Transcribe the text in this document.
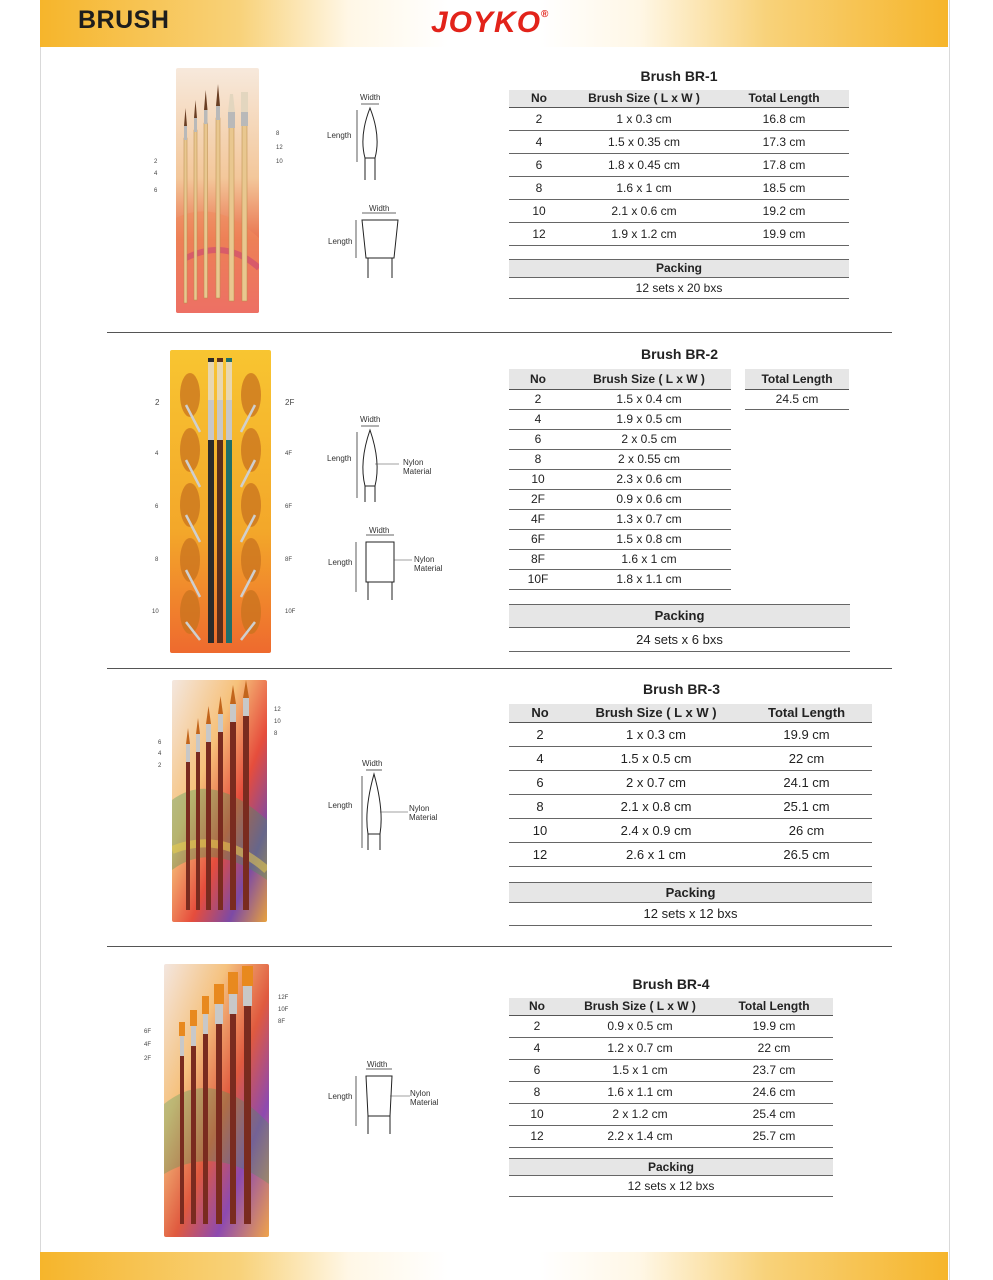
BRUSH	JOYKO®
2
4
6
8
12
10
Width
Length
Width
Length
Brush BR-1
No	Brush Size ( L x W )	Total Length
2	1 x 0.3 cm	16.8 cm
4	1.5 x 0.35 cm	17.3 cm
6	1.8 x 0.45 cm	17.8 cm
8	1.6 x 1 cm	18.5 cm
10	2.1 x 0.6 cm	19.2 cm
12	1.9 x 1.2 cm	19.9 cm
Packing
12 sets x 20 bxs
2
4
6
8
10
2F
4F
6F
8F
10F
Width
Length	Nylon
Material
Width
Length	Nylon
Material
Brush BR-2
No	Brush Size ( L x W )
2	1.5 x 0.4 cm
4	1.9 x 0.5 cm
6	2 x 0.5 cm
8	2 x 0.55 cm
10	2.3 x 0.6 cm
2F	0.9 x 0.6 cm
4F	1.3 x 0.7 cm
6F	1.5 x 0.8 cm
8F	1.6 x 1 cm
10F	1.8 x 1.1 cm
Total Length
24.5 cm
Packing
24 sets x 6 bxs
6
4
2
12
10
8
Width
Length	Nylon
Material
Brush BR-3
No	Brush Size ( L x W )	Total Length
2	1 x 0.3 cm	19.9 cm
4	1.5 x 0.5 cm	22 cm
6	2 x 0.7 cm	24.1 cm
8	2.1 x 0.8 cm	25.1 cm
10	2.4 x 0.9 cm	26 cm
12	2.6 x 1 cm	26.5 cm
Packing
12 sets x 12 bxs
6F
4F
2F
12F
10F
8F
Width
Length	Nylon
Material
Brush BR-4
No	Brush Size ( L x W )	Total Length
2	0.9 x 0.5 cm	19.9 cm
4	1.2 x 0.7 cm	22 cm
6	1.5 x 1 cm	23.7 cm
8	1.6 x 1.1 cm	24.6 cm
10	2 x 1.2 cm	25.4 cm
12	2.2 x 1.4 cm	25.7 cm
Packing
12 sets x 12 bxs
